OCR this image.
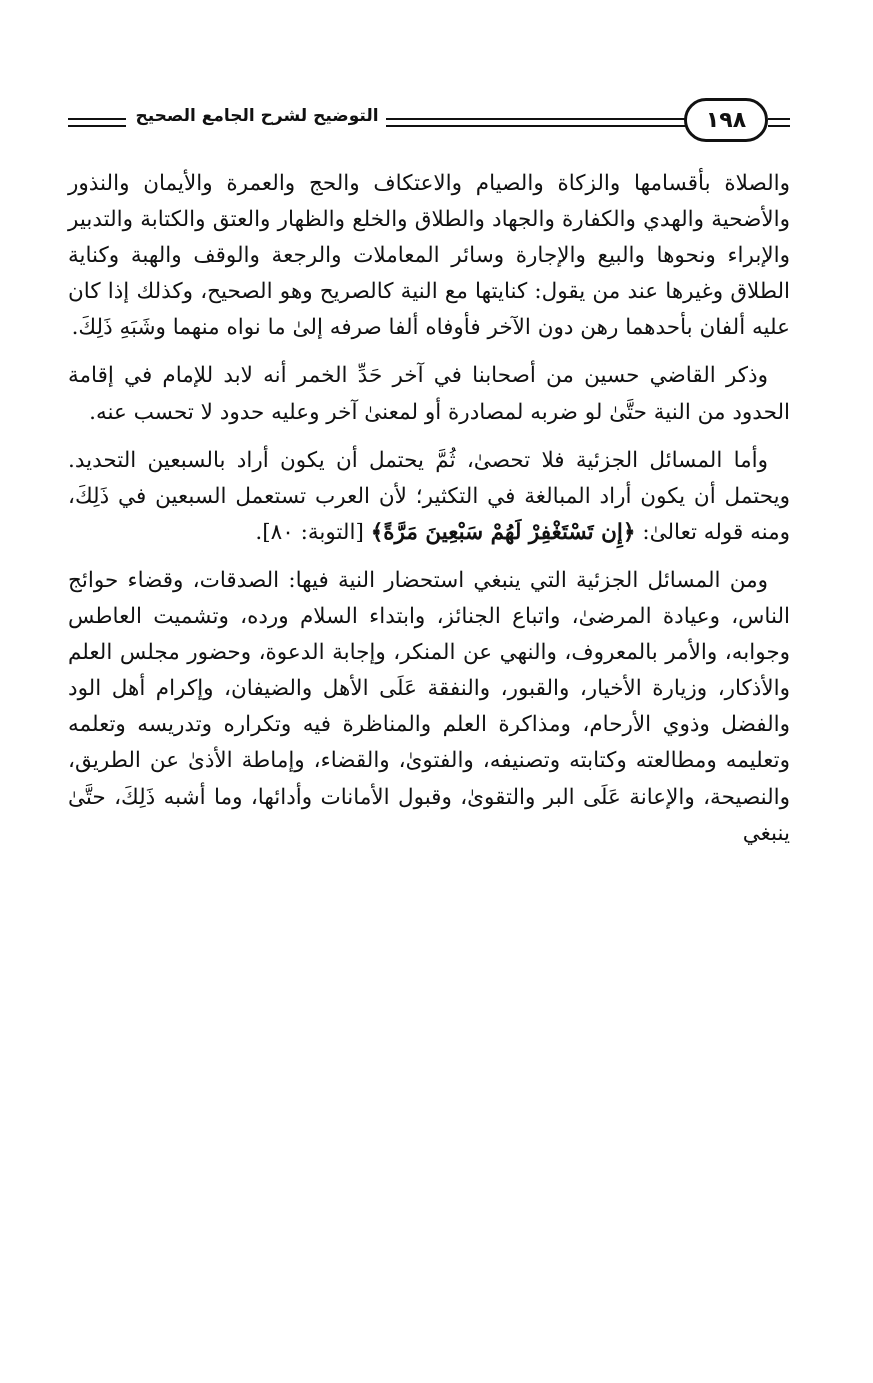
التوضيح لشرح الجامع الصحيح	١٩٨

والصلاة بأقسامها والزكاة والصيام والاعتكاف والحج والعمرة والأيمان والنذور والأضحية والهدي والكفارة والجهاد والطلاق والخلع والظهار والعتق والكتابة والتدبير والإبراء ونحوها والبيع والإجارة وسائر المعاملات والرجعة والوقف والهبة وكناية الطلاق وغيرها عند من يقول: كنايتها مع النية كالصريح وهو الصحيح، وكذلك إذا كان عليه ألفان بأحدهما رهن دون الآخر فأوفاه ألفا صرفه إلىٰ ما نواه منهما وشَبَهِ ذَلِكَ.

وذكر القاضي حسين من أصحابنا في آخر حَدِّ الخمر أنه لابد للإمام في إقامة الحدود من النية حتَّىٰ لو ضربه لمصادرة أو لمعنىٰ آخر وعليه حدود لا تحسب عنه.

وأما المسائل الجزئية فلا تحصىٰ، ثُمَّ يحتمل أن يكون أراد بالسبعين التحديد. ويحتمل أن يكون أراد المبالغة في التكثير؛ لأن العرب تستعمل السبعين في ذَلِكَ، ومنه قوله تعالىٰ: ﴿إِن تَسْتَغْفِرْ لَهُمْ سَبْعِينَ مَرَّةً﴾ [التوبة: ٨٠].

ومن المسائل الجزئية التي ينبغي استحضار النية فيها: الصدقات، وقضاء حوائج الناس، وعيادة المرضىٰ، واتباع الجنائز، وابتداء السلام ورده، وتشميت العاطس وجوابه، والأمر بالمعروف، والنهي عن المنكر، وإجابة الدعوة، وحضور مجلس العلم والأذكار، وزيارة الأخيار، والقبور، والنفقة عَلَى الأهل والضيفان، وإكرام أهل الود والفضل وذوي الأرحام، ومذاكرة العلم والمناظرة فيه وتكراره وتدريسه وتعلمه وتعليمه ومطالعته وكتابته وتصنيفه، والفتوىٰ، والقضاء، وإماطة الأذىٰ عن الطريق، والنصيحة، والإعانة عَلَى البر والتقوىٰ، وقبول الأمانات وأدائها، وما أشبه ذَلِكَ، حتَّىٰ ينبغي
